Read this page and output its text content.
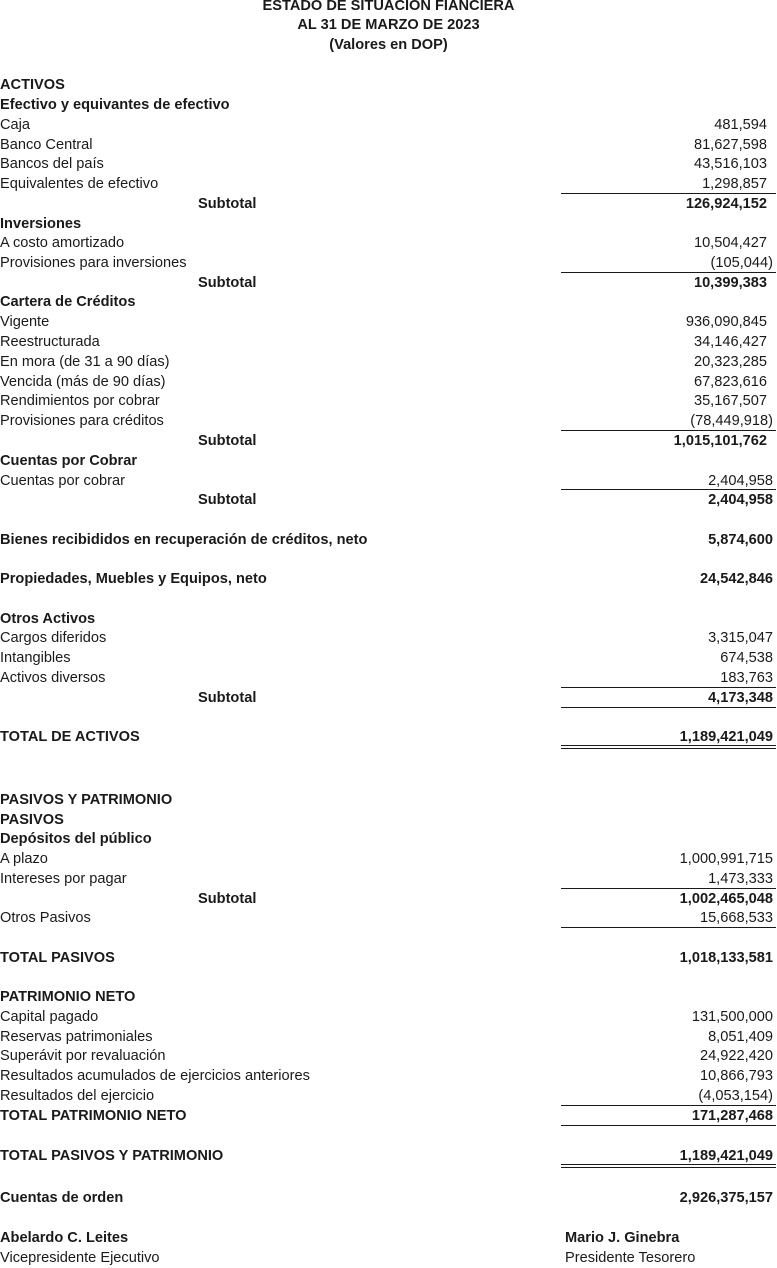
ESTADO DE SITUACION FIANCIERA
AL 31 DE MARZO DE 2023
(Valores en DOP)
ACTIVOS
Efectivo y equivantes de efectivo
Caja	481,594
Banco Central	81,627,598
Bancos del país	43,516,103
Equivalentes de efectivo	1,298,857
Subtotal	126,924,152
Inversiones
A costo amortizado	10,504,427
Provisiones para inversiones	(105,044)
Subtotal	10,399,383
Cartera de Créditos
Vigente	936,090,845
Reestructurada	34,146,427
En mora (de 31 a 90 días)	20,323,285
Vencida (más de 90 días)	67,823,616
Rendimientos por cobrar	35,167,507
Provisiones para créditos	(78,449,918)
Subtotal	1,015,101,762
Cuentas por Cobrar
Cuentas por cobrar	2,404,958
Subtotal	2,404,958
Bienes recibididos en recuperación de créditos, neto	5,874,600
Propiedades, Muebles y Equipos, neto	24,542,846
Otros Activos
Cargos diferidos	3,315,047
Intangibles	674,538
Activos diversos	183,763
Subtotal	4,173,348
TOTAL DE ACTIVOS	1,189,421,049
PASIVOS Y PATRIMONIO
PASIVOS
Depósitos del público
A plazo	1,000,991,715
Intereses por pagar	1,473,333
Subtotal	1,002,465,048
Otros Pasivos	15,668,533
TOTAL PASIVOS	1,018,133,581
PATRIMONIO NETO
Capital pagado	131,500,000
Reservas patrimoniales	8,051,409
Superávit por revaluación	24,922,420
Resultados acumulados de ejercicios anteriores	10,866,793
Resultados del ejercicio	(4,053,154)
TOTAL PATRIMONIO NETO	171,287,468
TOTAL PASIVOS Y PATRIMONIO	1,189,421,049
Cuentas de orden	2,926,375,157
Abelardo C. Leites
Vicepresidente Ejecutivo
Mario J. Ginebra
Presidente Tesorero
